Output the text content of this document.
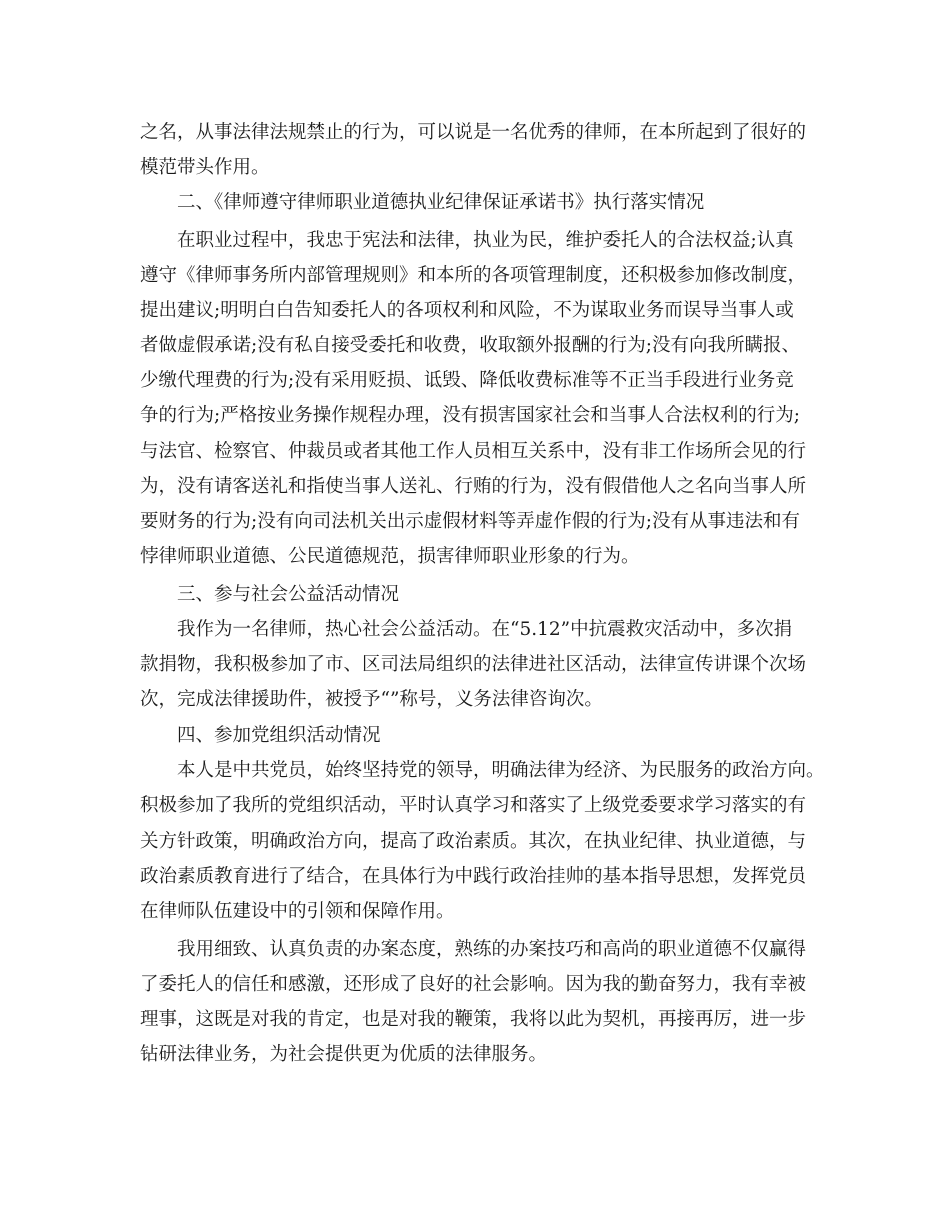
之名，从事法律法规禁止的行为，可以说是一名优秀的律师，在本所起到了很好的
模范带头作用。
二、《律师遵守律师职业道德执业纪律保证承诺书》执行落实情况
在职业过程中，我忠于宪法和法律，执业为民，维护委托人的合法权益;认真
遵守《律师事务所内部管理规则》和本所的各项管理制度，还积极参加修改制度，
提出建议;明明白白告知委托人的各项权利和风险，不为谋取业务而误导当事人或
者做虚假承诺;没有私自接受委托和收费，收取额外报酬的行为;没有向我所瞒报、
少缴代理费的行为;没有采用贬损、诋毁、降低收费标准等不正当手段进行业务竞
争的行为;严格按业务操作规程办理，没有损害国家社会和当事人合法权利的行为;
与法官、检察官、仲裁员或者其他工作人员相互关系中，没有非工作场所会见的行
为，没有请客送礼和指使当事人送礼、行贿的行为，没有假借他人之名向当事人所
要财务的行为;没有向司法机关出示虚假材料等弄虚作假的行为;没有从事违法和有
悖律师职业道德、公民道德规范，损害律师职业形象的行为。
三、参与社会公益活动情况
我作为一名律师，热心社会公益活动。在“5.12”中抗震救灾活动中，多次捐
款捐物，我积极参加了市、区司法局组织的法律进社区活动，法律宣传讲课个次场
次，完成法律援助件，被授予“”称号，义务法律咨询次。
四、参加党组织活动情况
本人是中共党员，始终坚持党的领导，明确法律为经济、为民服务的政治方向。
积极参加了我所的党组织活动，平时认真学习和落实了上级党委要求学习落实的有
关方针政策，明确政治方向，提高了政治素质。其次，在执业纪律、执业道德，与
政治素质教育进行了结合，在具体行为中践行政治挂帅的基本指导思想，发挥党员
在律师队伍建设中的引领和保障作用。
我用细致、认真负责的办案态度，熟练的办案技巧和高尚的职业道德不仅赢得
了委托人的信任和感激，还形成了良好的社会影响。因为我的勤奋努力，我有幸被
理事，这既是对我的肯定，也是对我的鞭策，我将以此为契机，再接再厉，进一步
钻研法律业务，为社会提供更为优质的法律服务。
